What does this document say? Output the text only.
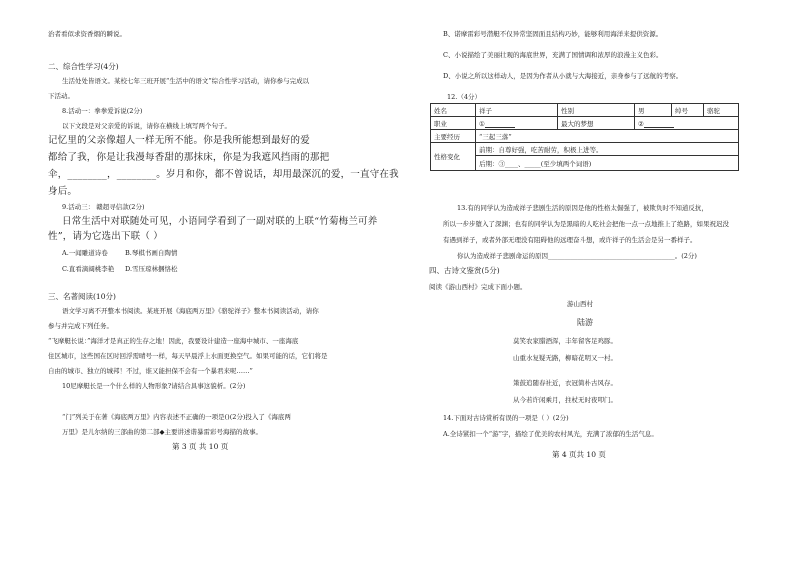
治者看似求资香烟的瞬说。
二、综合性学习(4分)
生活处处皆语文。某校七年三班开展“生活中的语文”综合性学习活动，请你参与完成以
下活动。
8.活动一：拳拳爱诉说(2分)
以下文段是对父亲爱的诉说，请你在横线上填写两个句子。
记忆里的父亲像超人一样无所不能。你是我所能想到最好的爱
都给了我，你是让我漫每香甜的那抹床，你是为我遮风挡雨的那把
伞，________，________。岁月和你，都不曾说话，却用最深沉的爱，一直守在我
身后。
9.活动三： 赣超寻信款(2分)
日常生活中对联随处可见，小语同学看到了一副对联的上联“竹菊梅兰可养
性”，请为它选出下联（ ）
A.一闻雕道诗卷	B.琴棋书画自陶情
C.直看滴阔桃李艳 D.雪压琼林捆恪松
三、名著阅读(10分)
语文学习离不开整本书阅读。某班开展《海底两万里》《骆驼祥子》整本书阅读活动，请你
参与并完成下列任务。
“飞摩艇长说：”海洋才是真正的生存之地！因此，我要设计建造一座海中城市、一座海底
住区城市，这些国在区时回浮需晴号一样，每天早晨浮上水面更换空气。如果可能的话，它们将是
自由的城市、独立的城邦！不过，谁又能担保不会有一个暴君来呢……”
10尼摩艇长是一个什么样的人物形象?请结合具事这貌析。(2分)
“门”列关于在著《海底两万里》内容表述不正确的一项是()(2分)投入了《海底两
万里》是儿尔纳的三部曲的第二部◆主要讲述谐暴雷彩号海描的故事。
第 3 页 共 10 页
B、诺摩雷彩号潜艇不仅异常坚固面且结构巧妙，能够利用海洋来提供资源。
C、小说描绘了美丽壮观的海底世界，充满了国情调和浓厚的浪漫主义色彩。
D、小说之所以这样动人，是因为作者从小就与大海接近，亲身参与了远航的考察。
12.（4分）
姓名	祥子	性别	男	绰号	骆驼
职业	①	最大的梦想	②		
主要经历	“三起三落”				
性格变化	前期：自尊好强，吃苦耐劳，积极上进等。				
	后期：③____、_____(至少填两个词语)				
13.有的同学认为造成祥子悲剧生活的原因是他的性格太倔强了，被欺负时不知道反抗，
所以一步步堕入了深渊；也有的同学认为是黑暗的人吃社会把他一点一点地推上了绝路，如果祝迟没
有遇到祥子，或者外部无理没有阻碍他的远理奋斗想，或许祥子的生活会是另一番样子。
你认为造成祥子悲剧命运的原因_______________________________________。(2分)
四、古诗文鉴赏(5分)
阅读《游山西村》完成下面小题。
游山西村
陆游
莫笑农家腊酒浑，丰年留客足鸡豚。
山重水复疑无路，柳暗花明又一村。
箫鼓追随春社近，衣冠简朴古风存。
从今若许闲乘月，拄杖无时夜叩门。
14.下面对古诗赏析有误的一项是（ ）(2分)
A.全诗紧扣一个“游”字，描绘了优美的农村风光，充满了浓郁的生活气息。
第 4 页共 10 页
